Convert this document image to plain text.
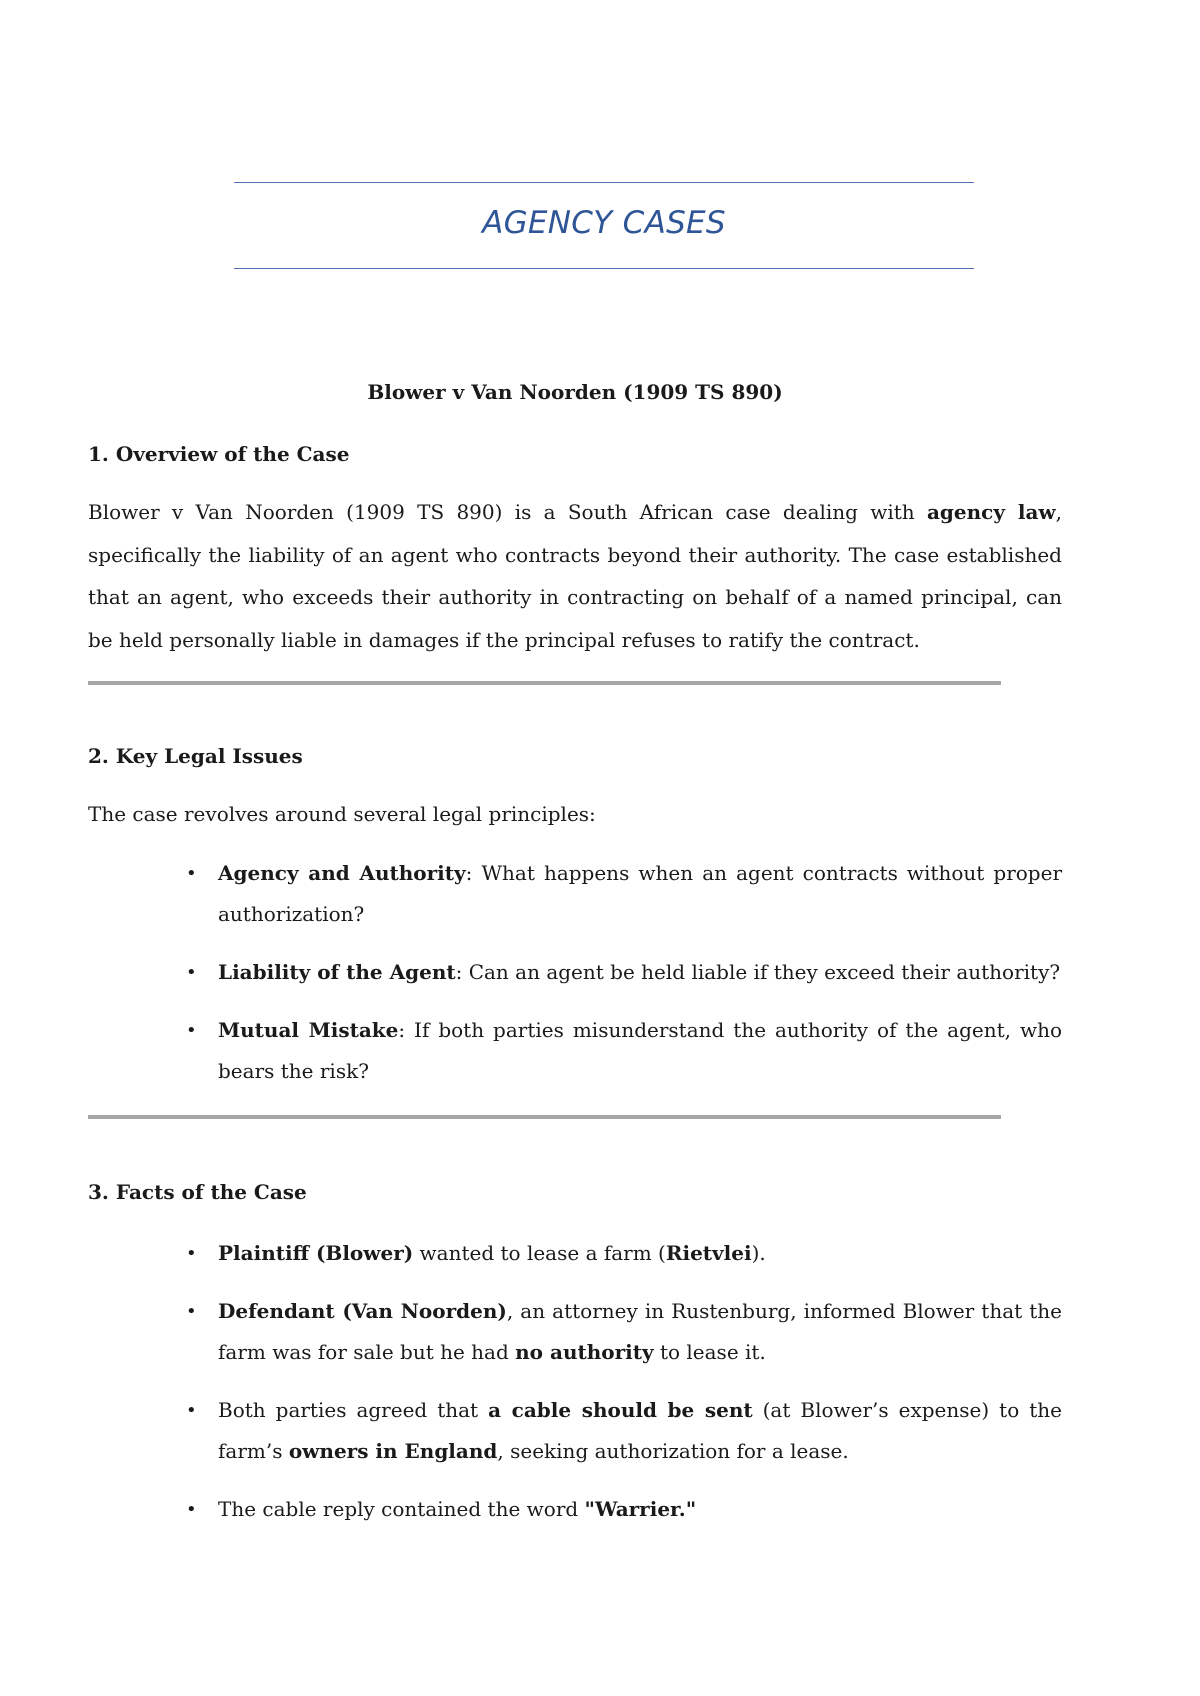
AGENCY CASES
Blower v Van Noorden (1909 TS 890)
1. Overview of the Case
Blower v Van Noorden (1909 TS 890) is a South African case dealing with agency law, specifically the liability of an agent who contracts beyond their authority. The case established that an agent, who exceeds their authority in contracting on behalf of a named principal, can be held personally liable in damages if the principal refuses to ratify the contract.
2. Key Legal Issues
The case revolves around several legal principles:
• Agency and Authority: What happens when an agent contracts without proper authorization?
• Liability of the Agent: Can an agent be held liable if they exceed their authority?
• Mutual Mistake: If both parties misunderstand the authority of the agent, who bears the risk?
3. Facts of the Case
• Plaintiff (Blower) wanted to lease a farm (Rietvlei).
• Defendant (Van Noorden), an attorney in Rustenburg, informed Blower that the farm was for sale but he had no authority to lease it.
• Both parties agreed that a cable should be sent (at Blower’s expense) to the farm’s owners in England, seeking authorization for a lease.
• The cable reply contained the word "Warrier."
